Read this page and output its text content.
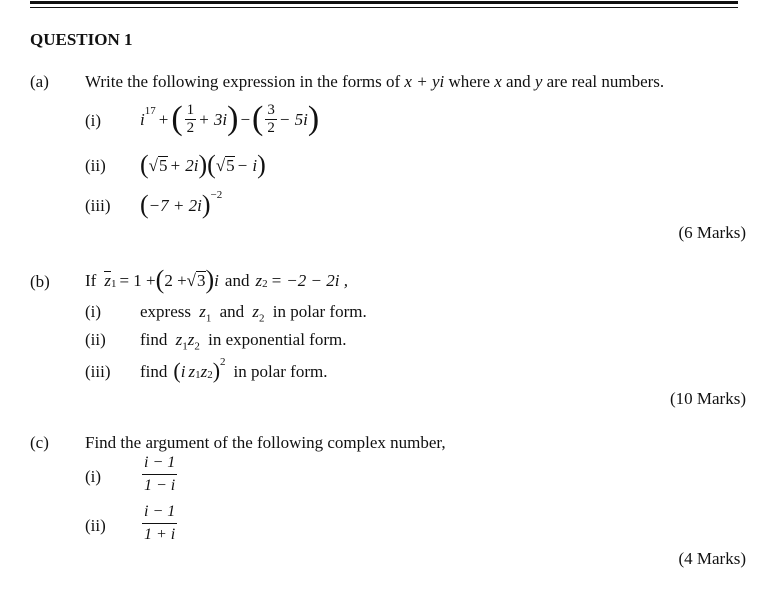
QUESTION 1
(a) Write the following expression in the forms of x + yi where x and y are real numbers.
(i) $i^{17}$ + ( $\frac{1}{2} + 3i$ ) − ( $\frac{3}{2} - 5i$ )
(ii) ( √ 5 + 2i ) ( √ 5 − i )
(iii) ( −7 + 2i )$^{-2}$
(6 Marks)
(b) If $z_1 = 1$ + ( 2 + √ 3 ) i and $z_2 = -2 - 2i$ ,
(i) express $z_1$ and $z_2$ in polar form.
(ii) find $z_1z_2$ in exponential form.
(iii) find ( i $z_1$ $z_2$ )$^2$ in polar form.
(10 Marks)
(c) Find the argument of the following complex number,
(i)	$\frac{i - 1}{1 - i}$
$(ii) \frac{i - 1}{1 + i}$
(4 Marks)
